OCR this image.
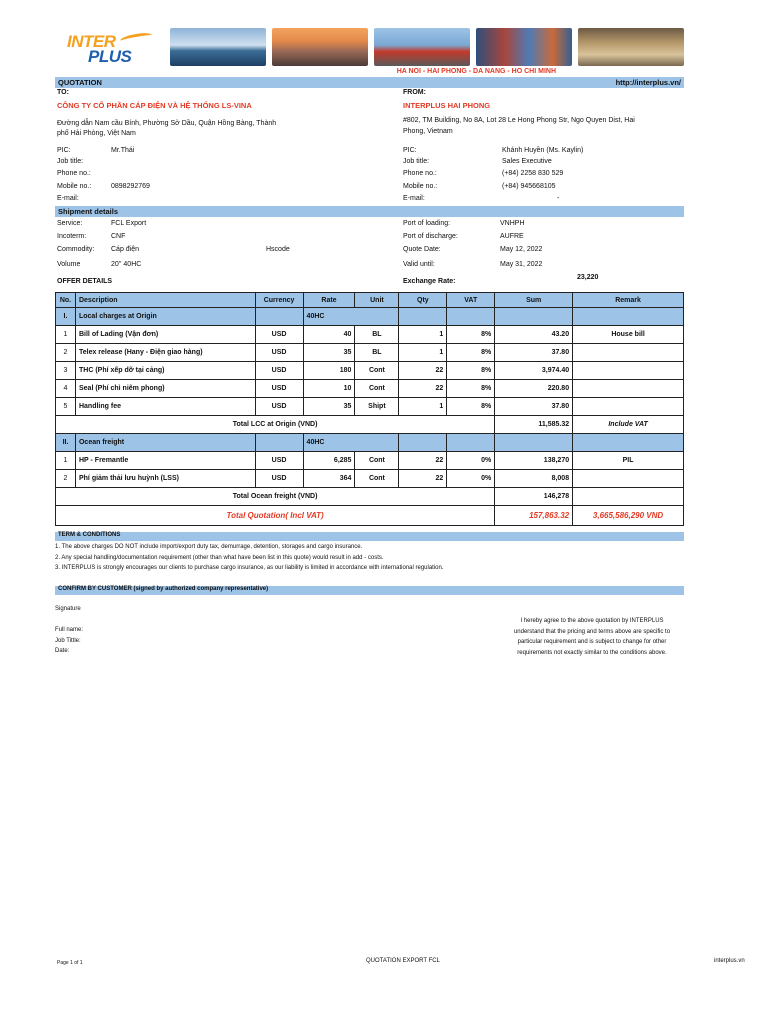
INTER
PLUS
HA NOI - HAI PHONG - DA NANG - HO CHI MINH
QUOTATION	http://interplus.vn/
TO:
CÔNG TY CỔ PHẦN CÁP ĐIỆN VÀ HỆ THỐNG LS-VINA
Đường dẫn Nam cầu Bính, Phường Sở Dầu, Quận Hồng Bàng, Thành
phố Hải Phòng, Việt Nam
PIC:	Mr.Thái
Job title:
Phone no.:
Mobile no.:	0898292769
E-mail:
FROM:
INTERPLUS HAI PHONG
#802, TM Building, No 8A, Lot 28 Le Hong Phong Str, Ngo Quyen Dist, Hai
Phong, Vietnam
PIC:	Khánh Huyền (Ms. Kaylin)
Job title:	Sales Executive
Phone no.:	(+84) 2258 830 529
Mobile no.:	(+84) 945668105
E-mail:	-
Shipment details
Service:	FCL Export
Incoterm:	CNF
Commodity: Cáp điện	Hscode
Volume	20'' 40HC
Port of loading:	VNHPH
Port of discharge:	AUFRE
Quote Date:	May 12, 2022
Valid until:	May 31, 2022
OFFER DETAILS	Exchange Rate:
23,220
No.	Description	Currency	Rate	Unit	Qty	VAT	Sum	Remark
I.	Local charges at Origin		40HC					
1	Bill of Lading (Vận đơn)	USD	40	BL	1	8%	43.20	House bill
2	Telex release (Hany - Điện giao hàng)	USD	35	BL	1	8%	37.80	
3	THC (Phí xếp dỡ tại cảng)	USD	180	Cont	22	8%	3,974.40	
4	Seal (Phí chì niêm phong)	USD	10	Cont	22	8%	220.80	
5	Handling fee	USD	35	Shipt	1	8%	37.80	
Total LCC at Origin (VND)							11,585.32	Include VAT
II.	Ocean freight		40HC					
1	HP - Fremantle	USD	6,285	Cont	22	0%	138,270	PIL
2	Phí giảm thải lưu huỳnh (LSS)	USD	364	Cont	22	0%	8,008	
Total Ocean freight (VND)							146,278	
Total Quotation( Incl VAT)							157,863.32	3,665,586,290 VND
TERM & CONDITIONS
1. The above charges DO NOT include import/export duty tax, demurrage, detention, storages and cargo insurance.
2. Any special handling/documentation requirement (other than what have been list in this quote) would result in add - costs.
3. INTERPLUS is strongly encourages our clients to purchase cargo insurance, as our liability is limited in accordance with international regulation.
CONFIRM BY CUSTOMER (signed by authorized company representative)
Signature
Full name:
Job Tittle:
Date:
I hereby agree to the above quotation by INTERPLUS
understand that the pricing and terms above are specific to
particular requirement and is subject to change for other
requirements not exactly similar to the conditions above.
Page 1 of 1	QUOTATION EXPORT FCL	interplus.vn
